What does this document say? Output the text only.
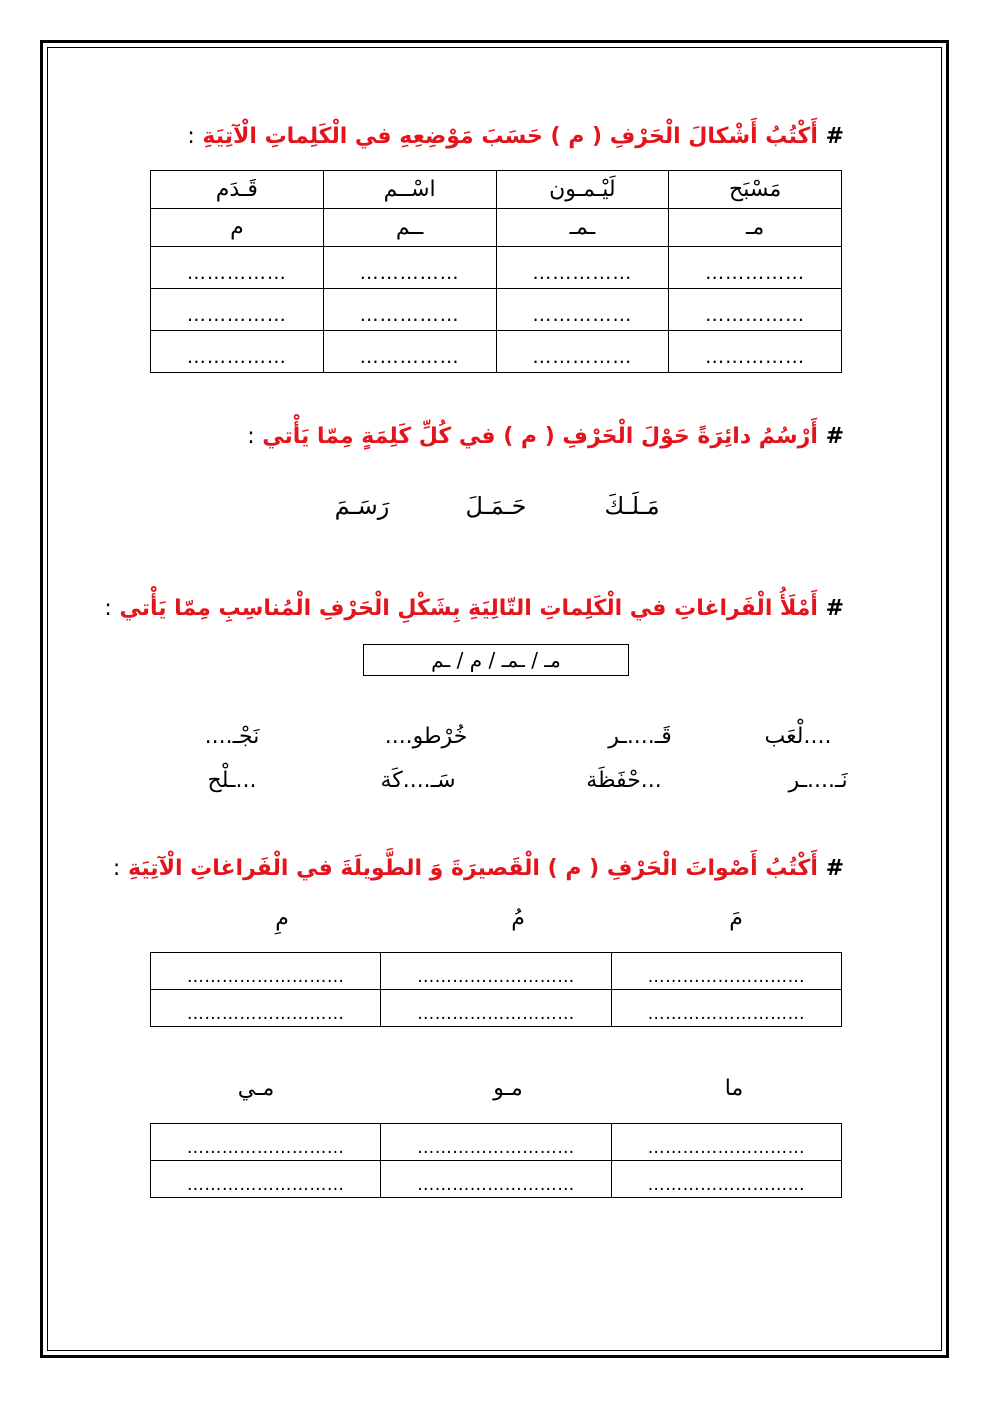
# أَكْتُبُ أَشْكالَ الْحَرْفِ ( م ) حَسَبَ مَوْضِعِهِ في الْكَلِماتِ الْآتِيَةِ :
مَسْبَح	لَيْـمـون	اسْــم	قَـدَم
مـ	ـمـ	ــم	م
……………	……………	……………	……………
……………	……………	……………	……………
……………	……………	……………	……………
# أَرْسُمُ دائِرَةً حَوْلَ الْحَرْفِ ( م ) في كُلِّ كَلِمَةٍ مِمّا يَأْتي :
مَـلَـكَ
حَـمَـلَ
رَسَـمَ
# أَمْلَأُ الْفَراغاتِ في الْكَلِماتِ التّالِيَةِ بِشَكْلِ الْحَرْفِ الْمُناسِبِ مِمّا يَأْتي :
مـ / ـمـ / م / ـم
....لْعَب
قَـ....ـر
خُرْطو....
نَجْـ....
نَـ....ـر
...حْفَظَة
سَـ....كَة
...ـلْح
# أَكْتُبُ أَصْواتَ الْحَرْفِ ( م ) الْقَصيرَةَ وَ الطَّويلَةَ في الْفَراغاتِ الْآتِيَةِ :
مَ
مُ
مِ
………………………	………………………	………………………
………………………	………………………	………………………
ما
مـو
مـي
………………………	………………………	………………………
………………………	………………………	………………………
